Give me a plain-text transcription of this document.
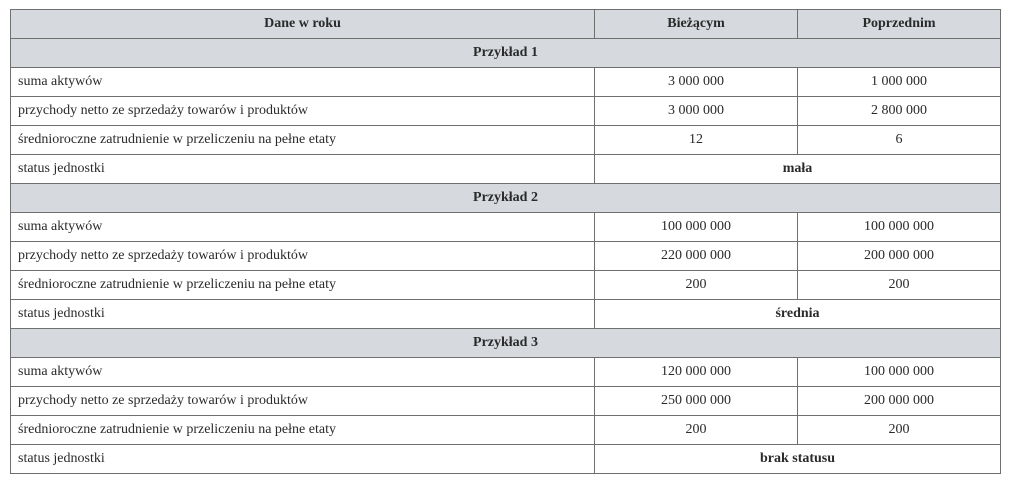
Dane w roku	Bieżącym	Poprzednim
Przykład 1		
suma aktywów	3 000 000	1 000 000
przychody netto ze sprzedaży towarów i produktów	3 000 000	2 800 000
średnioroczne zatrudnienie w przeliczeniu na pełne etaty	12	6
status jednostki	mała	
Przykład 2		
suma aktywów	100 000 000	100 000 000
przychody netto ze sprzedaży towarów i produktów	220 000 000	200 000 000
średnioroczne zatrudnienie w przeliczeniu na pełne etaty	200	200
status jednostki	średnia	
Przykład 3		
suma aktywów	120 000 000	100 000 000
przychody netto ze sprzedaży towarów i produktów	250 000 000	200 000 000
średnioroczne zatrudnienie w przeliczeniu na pełne etaty	200	200
status jednostki	brak statusu	
